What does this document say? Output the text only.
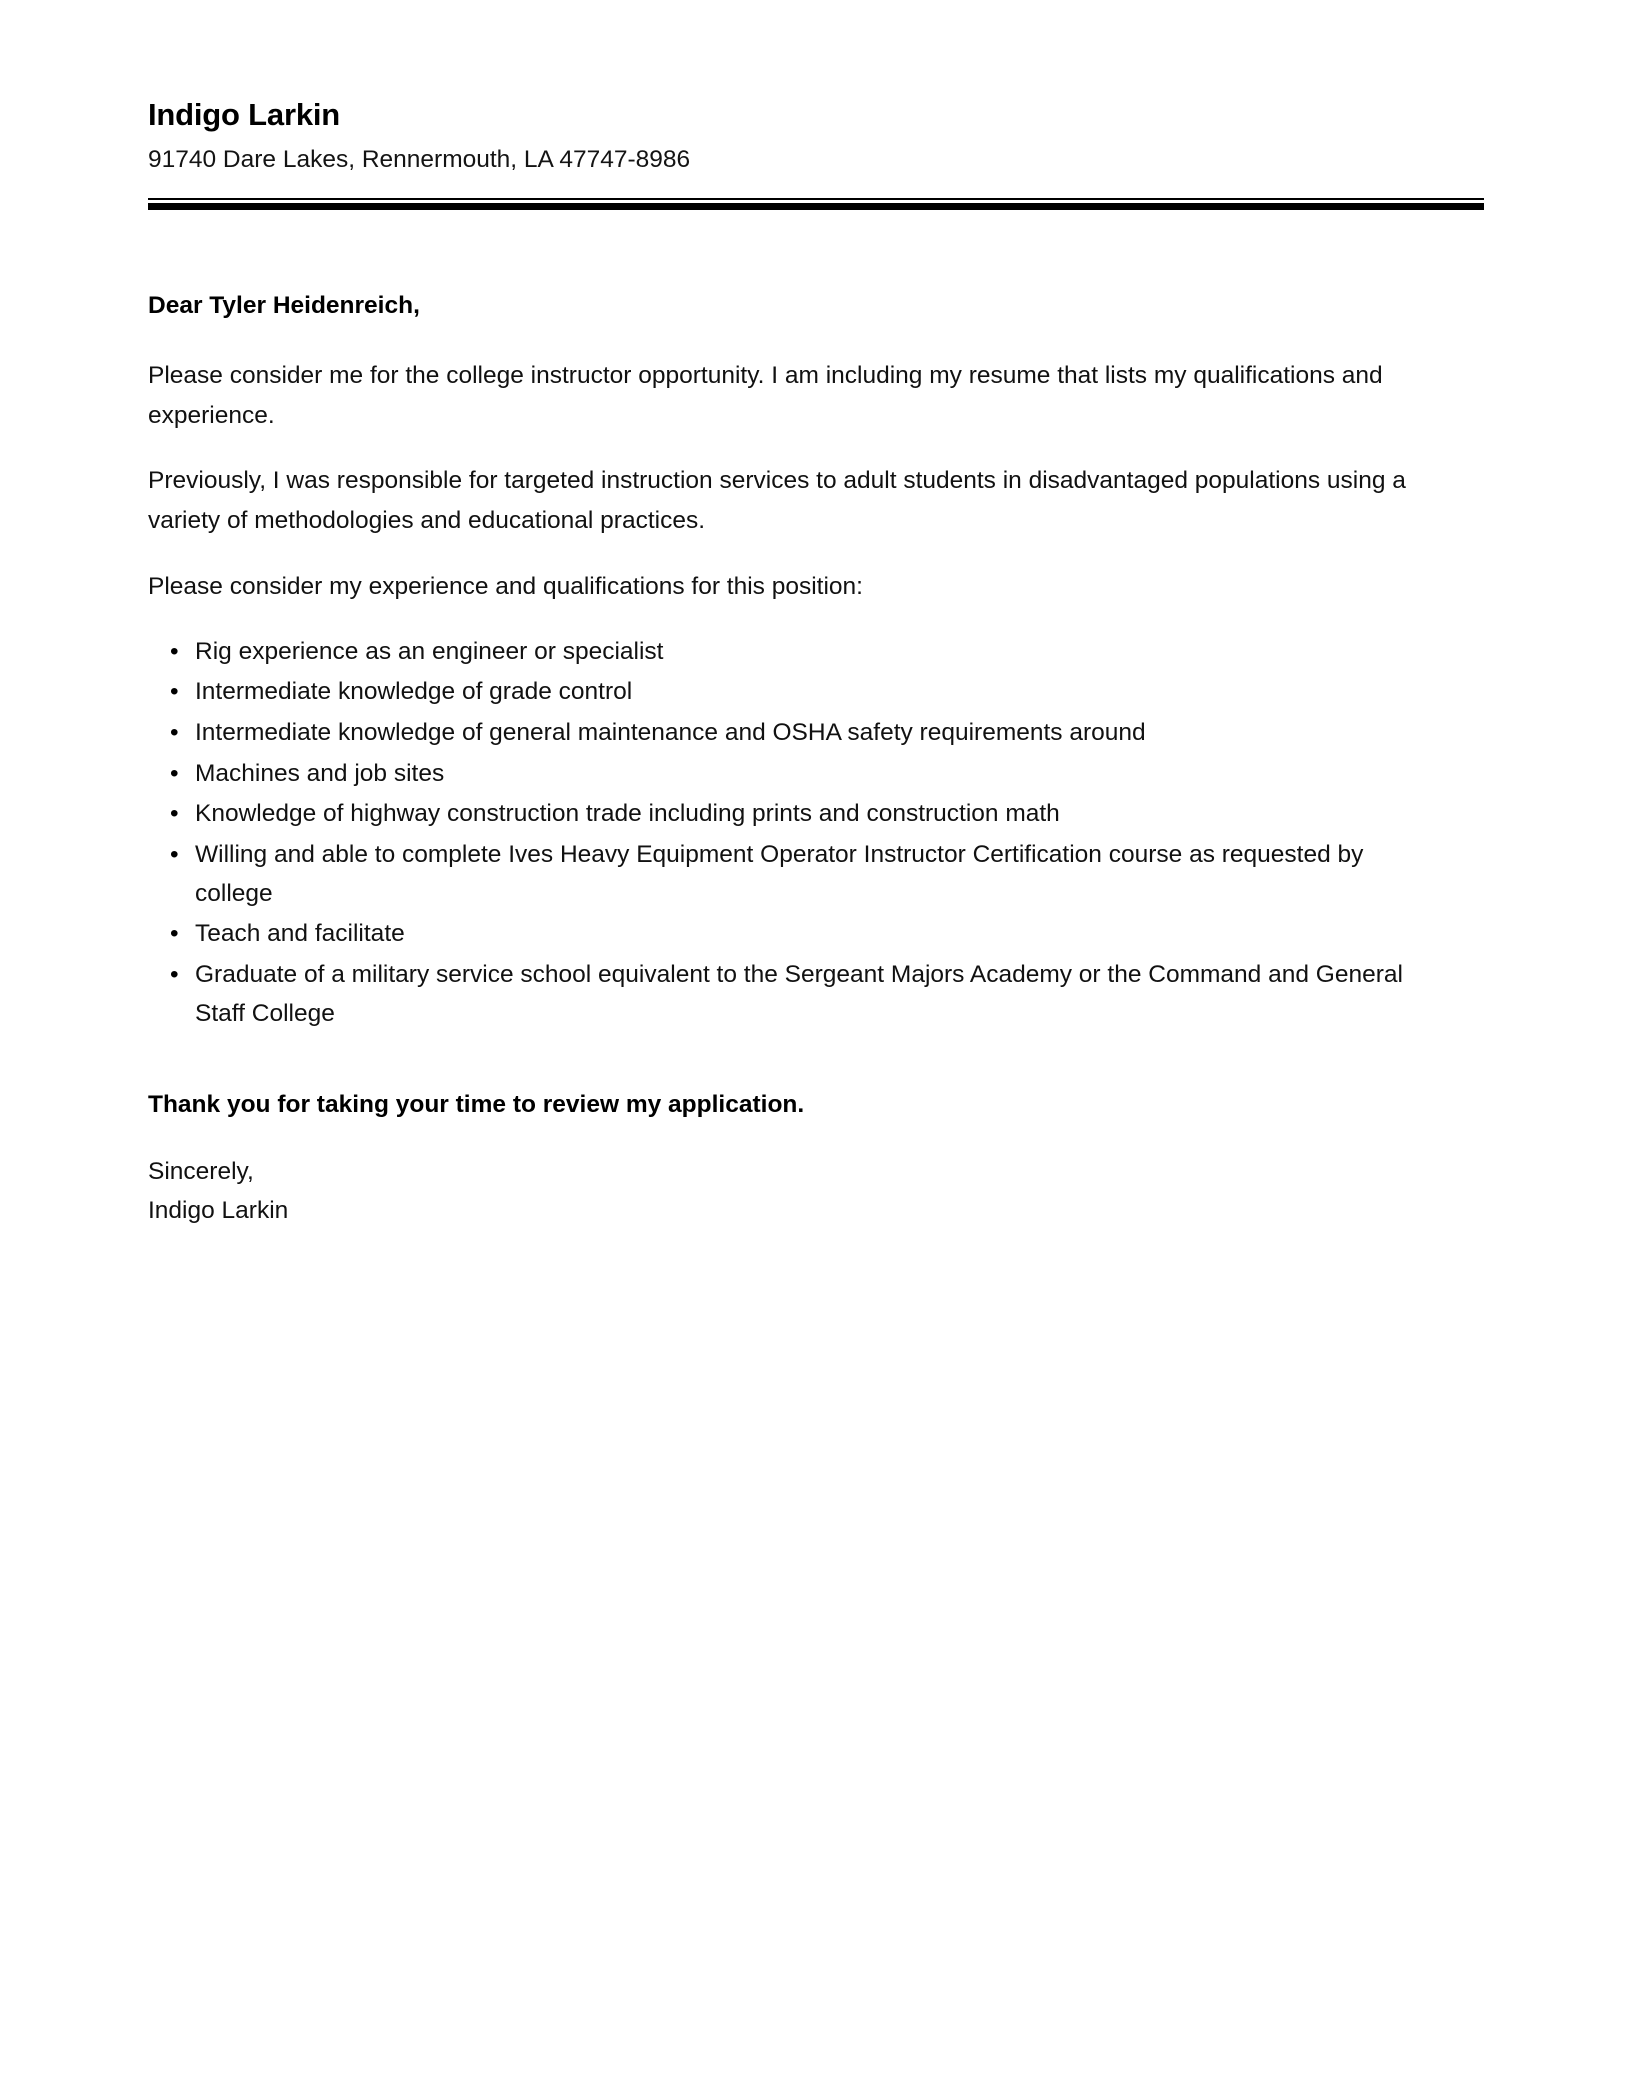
Indigo Larkin
91740 Dare Lakes, Rennermouth, LA 47747-8986
Dear Tyler Heidenreich,

Please consider me for the college instructor opportunity. I am including my resume that lists my qualifications and experience.

Previously, I was responsible for targeted instruction services to adult students in disadvantaged populations using a variety of methodologies and educational practices.

Please consider my experience and qualifications for this position:

• Rig experience as an engineer or specialist
• Intermediate knowledge of grade control
• Intermediate knowledge of general maintenance and OSHA safety requirements around
• Machines and job sites
• Knowledge of highway construction trade including prints and construction math
• Willing and able to complete Ives Heavy Equipment Operator Instructor Certification course as requested by college
• Teach and facilitate
• Graduate of a military service school equivalent to the Sergeant Majors Academy or the Command and General Staff College
Thank you for taking your time to review my application.
Sincerely,
Indigo Larkin
